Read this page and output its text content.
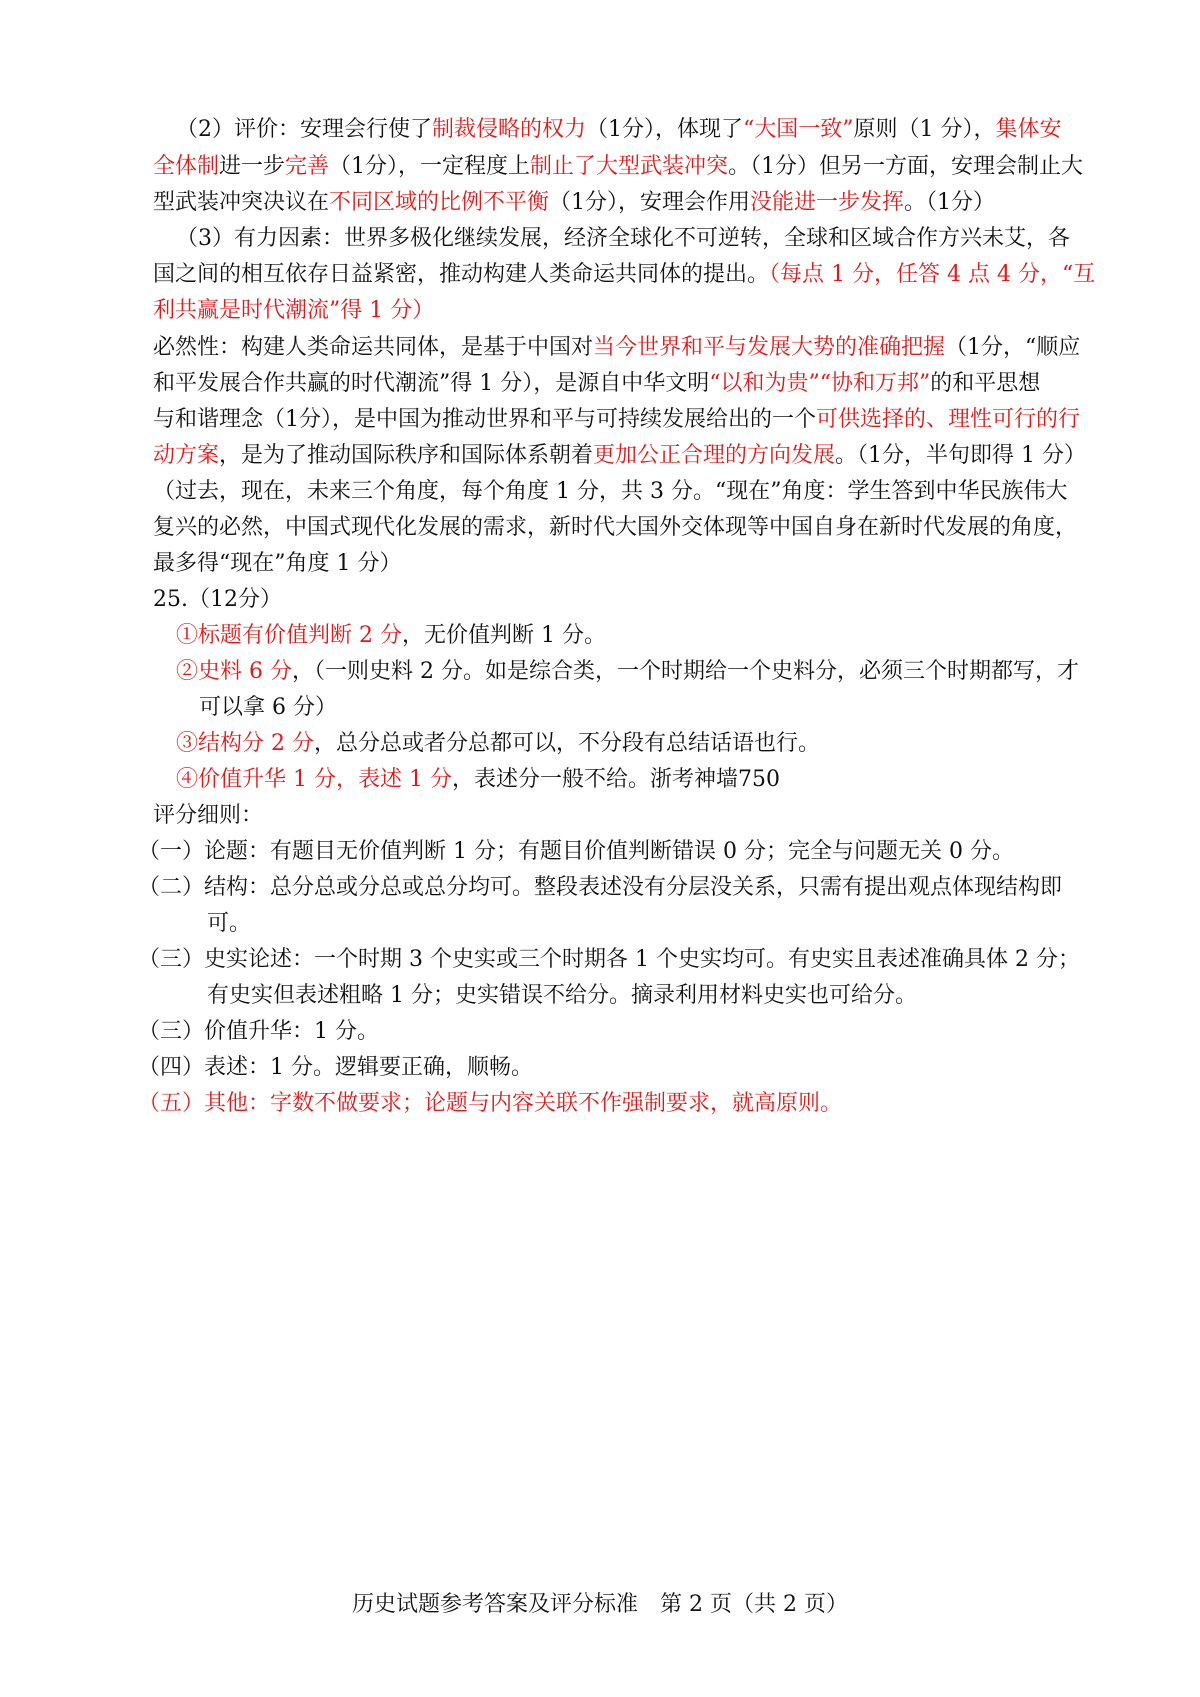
（2）评价：安理会行使了制裁侵略的权力（1分），体现了“大国一致”原则（1 分），集体安
全体制进一步完善（1分），一定程度上制止了大型武装冲突。（1分）但另一方面，安理会制止大
型武装冲突决议在不同区域的比例不平衡（1分），安理会作用没能进一步发挥。（1分）
（3）有力因素：世界多极化继续发展，经济全球化不可逆转，全球和区域合作方兴未艾，各
国之间的相互依存日益紧密，推动构建人类命运共同体的提出。（每点 1 分，任答 4 点 4 分，“互
利共赢是时代潮流”得 1 分）
必然性：构建人类命运共同体，是基于中国对当今世界和平与发展大势的准确把握（1分，“顺应
和平发展合作共赢的时代潮流”得 1 分），是源自中华文明“以和为贵”“协和万邦”的和平思想
与和谐理念（1分），是中国为推动世界和平与可持续发展给出的一个可供选择的、理性可行的行
动方案，是为了推动国际秩序和国际体系朝着更加公正合理的方向发展。（1分，半句即得 1 分）
（过去，现在，未来三个角度，每个角度 1 分，共 3 分。“现在”角度：学生答到中华民族伟大
复兴的必然，中国式现代化发展的需求，新时代大国外交体现等中国自身在新时代发展的角度，
最多得“现在”角度 1 分）
25.（12分）
①标题有价值判断 2 分，无价值判断 1 分。
②史料 6 分，（一则史料 2 分。如是综合类，一个时期给一个史料分，必须三个时期都写，才
可以拿 6 分）
③结构分 2 分，总分总或者分总都可以，不分段有总结话语也行。
④价值升华 1 分，表述 1 分，表述分一般不给。浙考神墙750
评分细则：
（一）论题：有题目无价值判断 1 分；有题目价值判断错误 0 分；完全与问题无关 0 分。
（二）结构：总分总或分总或总分均可。整段表述没有分层没关系，只需有提出观点体现结构即
可。
（三）史实论述：一个时期 3 个史实或三个时期各 1 个史实均可。有史实且表述准确具体 2 分；
有史实但表述粗略 1 分；史实错误不给分。摘录利用材料史实也可给分。
（三）价值升华：1 分。
（四）表述：1 分。逻辑要正确，顺畅。
（五）其他：字数不做要求；论题与内容关联不作强制要求，就高原则。
历史试题参考答案及评分标准　第 2 页（共 2 页）
